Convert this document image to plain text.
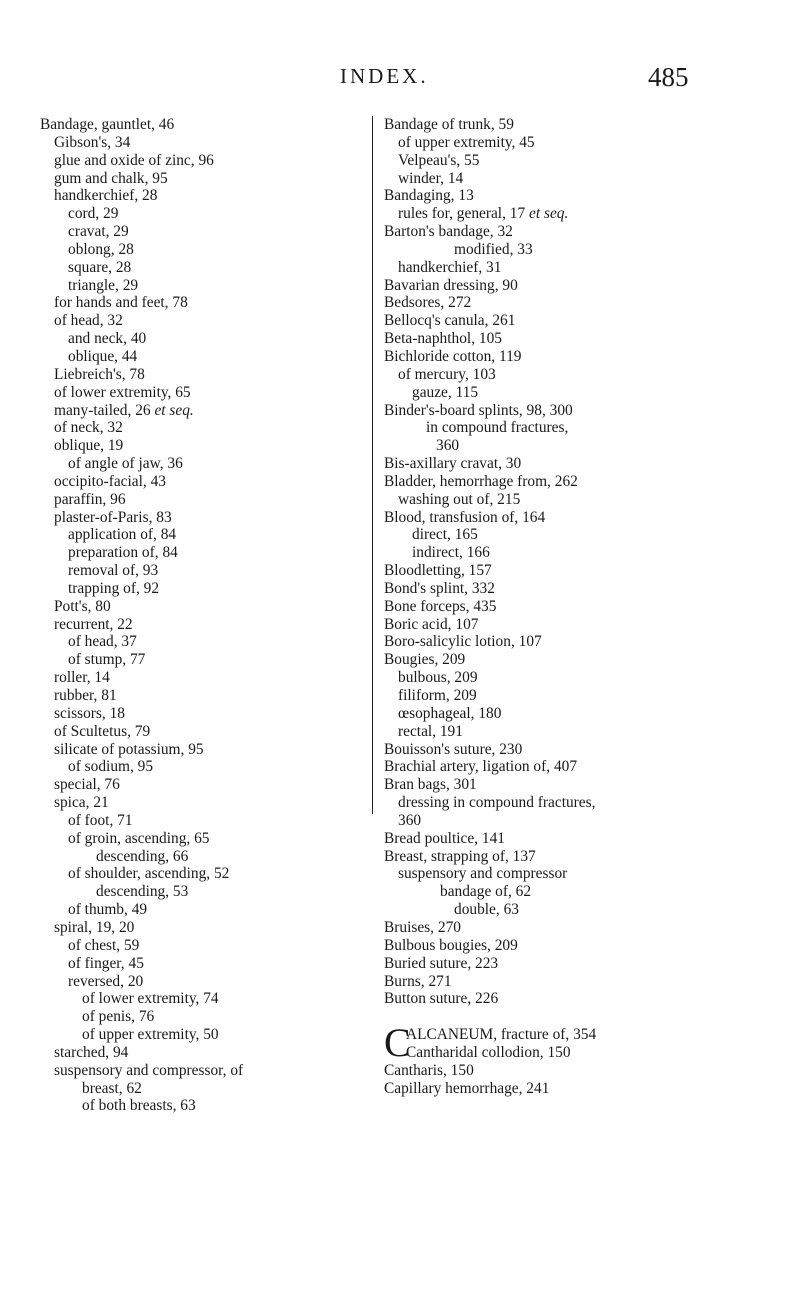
INDEX.	485
Bandage, gauntlet, 46
Gibson's, 34
glue and oxide of zinc, 96
gum and chalk, 95
handkerchief, 28
cord, 29
cravat, 29
oblong, 28
square, 28
triangle, 29
for hands and feet, 78
of head, 32
and neck, 40
oblique, 44
Liebreich's, 78
of lower extremity, 65
many-tailed, 26 et seq.
of neck, 32
oblique, 19
of angle of jaw, 36
occipito-facial, 43
paraffin, 96
plaster-of-Paris, 83
application of, 84
preparation of, 84
removal of, 93
trapping of, 92
Pott's, 80
recurrent, 22
of head, 37
of stump, 77
roller, 14
rubber, 81
scissors, 18
of Scultetus, 79
silicate of potassium, 95
of sodium, 95
special, 76
spica, 21
of foot, 71
of groin, ascending, 65
descending, 66
of shoulder, ascending, 52
descending, 53
of thumb, 49
spiral, 19, 20
of chest, 59
of finger, 45
reversed, 20
of lower extremity, 74
of penis, 76
of upper extremity, 50
starched, 94
suspensory and compressor, of
breast, 62
of both breasts, 63
Bandage of trunk, 59
of upper extremity, 45
Velpeau's, 55
winder, 14
Bandaging, 13
rules for, general, 17 et seq.
Barton's bandage, 32
modified, 33
handkerchief, 31
Bavarian dressing, 90
Bedsores, 272
Bellocq's canula, 261
Beta-naphthol, 105
Bichloride cotton, 119
of mercury, 103
gauze, 115
Binder's-board splints, 98, 300
in compound fractures,
360
Bis-axillary cravat, 30
Bladder, hemorrhage from, 262
washing out of, 215
Blood, transfusion of, 164
direct, 165
indirect, 166
Bloodletting, 157
Bond's splint, 332
Bone forceps, 435
Boric acid, 107
Boro-salicylic lotion, 107
Bougies, 209
bulbous, 209
filiform, 209
œsophageal, 180
rectal, 191
Bouisson's suture, 230
Brachial artery, ligation of, 407
Bran bags, 301
dressing in compound fractures,
360
Bread poultice, 141
Breast, strapping of, 137
suspensory and compressor
bandage of, 62
double, 63
Bruises, 270
Bulbous bougies, 209
Buried suture, 223
Burns, 271
Button suture, 226
C
ALCANEUM, fracture of, 354
Cantharidal collodion, 150
Cantharis, 150
Capillary hemorrhage, 241
